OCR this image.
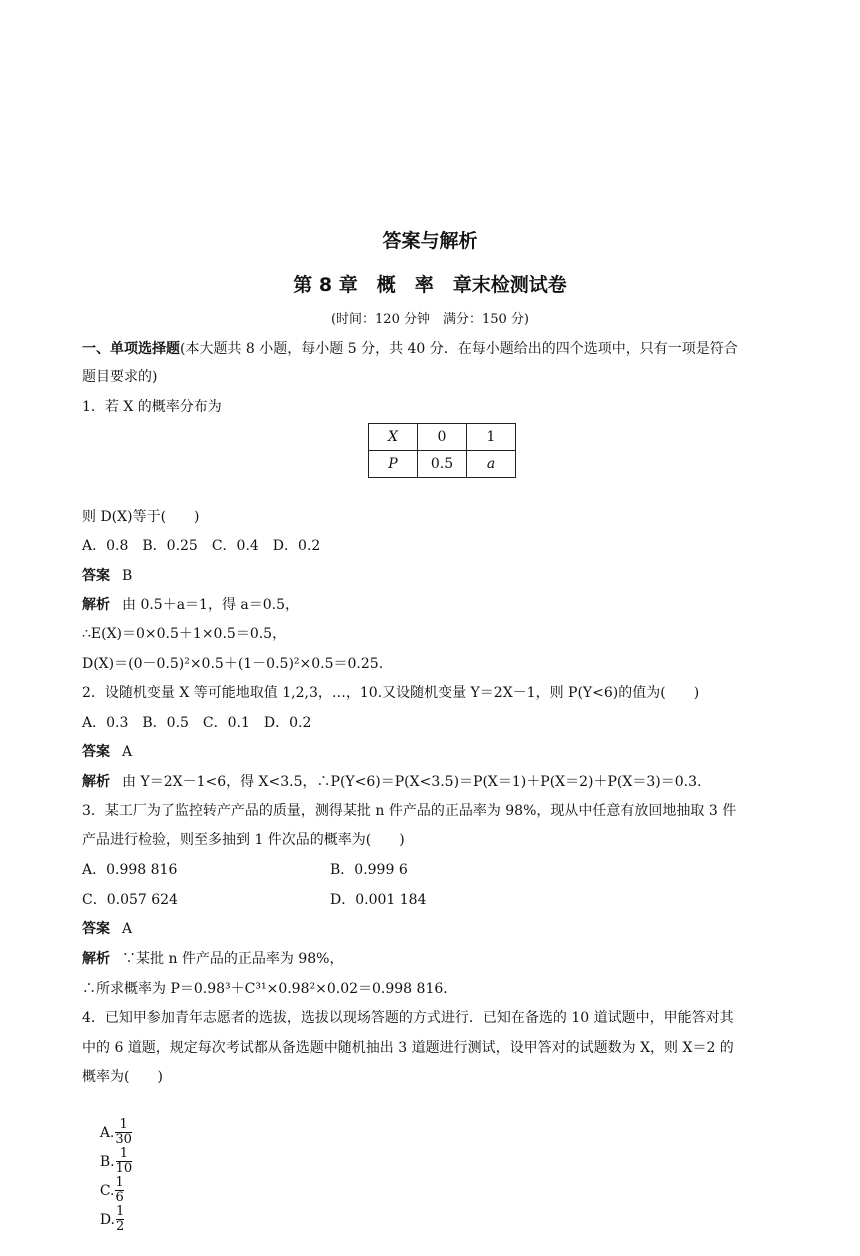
答案与解析
第 8 章　概　率　章末检测试卷
(时间：120 分钟　满分：150 分)
一、单项选择题(本大题共 8 小题，每小题 5 分，共 40 分．在每小题给出的四个选项中，只有一项是符合
题目要求的)
1．若 X 的概率分布为
X	0	1
P	0.5	a
则 D(X)等于(　　)
A．0.8　B．0.25　C．0.4　D．0.2
答案 B
解析 由 0.5＋a＝1，得 a＝0.5，
∴E(X)＝0×0.5＋1×0.5＝0.5，
D(X)＝(0－0.5)²×0.5＋(1－0.5)²×0.5＝0.25.
2．设随机变量 X 等可能地取值 1,2,3，…，10.又设随机变量 Y＝2X－1，则 P(Y<6)的值为(　　)
A．0.3　B．0.5　C．0.1　D．0.2
答案 A
解析 由 Y＝2X－1<6，得 X<3.5，∴P(Y<6)＝P(X<3.5)＝P(X＝1)＋P(X＝2)＋P(X＝3)＝0.3.
3．某工厂为了监控转产产品的质量，测得某批 n 件产品的正品率为 98%，现从中任意有放回地抽取 3 件
产品进行检验，则至多抽到 1 件次品的概率为(　　)
A．0.998 816	B．0.999 6
C．0.057 624	D．0.001 184
答案 A
解析 ∵某批 n 件产品的正品率为 98%，
∴所求概率为 P＝0.98³＋C³¹×0.98²×0.02＝0.998 816.
4．已知甲参加青年志愿者的选拔，选拔以现场答题的方式进行．已知在备选的 10 道试题中，甲能答对其
中的 6 道题，规定每次考试都从备选题中随机抽出 3 道题进行测试，设甲答对的试题数为 X，则 X＝2 的
概率为(　　)

A. $\frac{1}{30}$

B. $\frac{1}{10}$

C. $\frac{1}{6}$

D. $\frac{1}{2}$
